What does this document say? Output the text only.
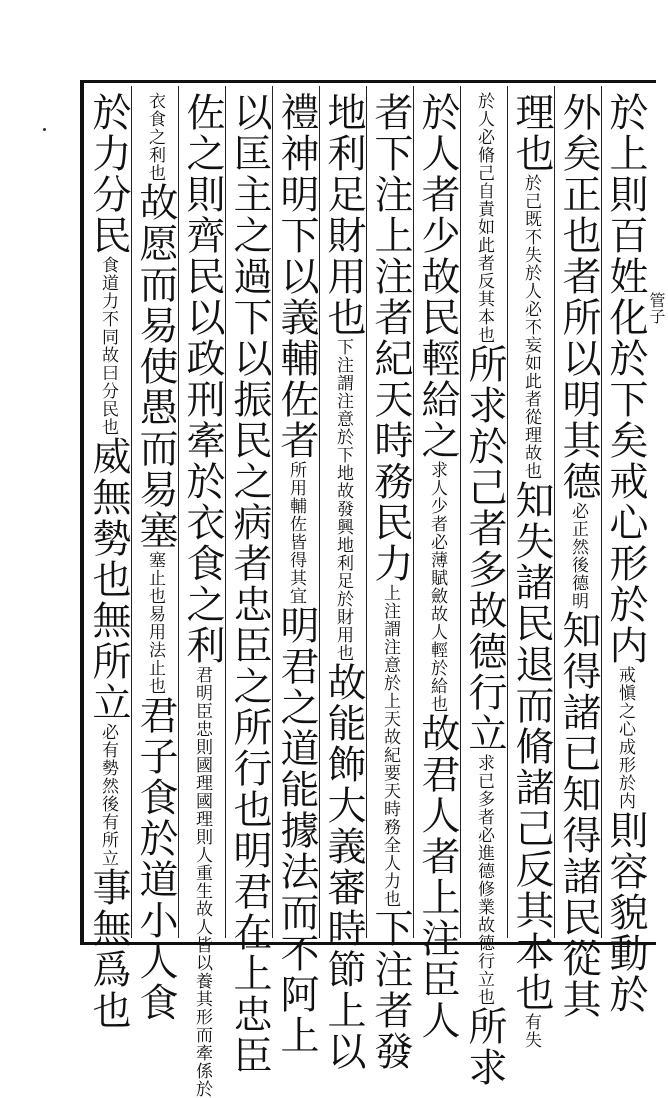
於上則百姓化於下矣戒心形於内戒愼之心成形於内則容貌動於
外矣正也者所以明其德必正然後德明知得諸已知得諸民從其
理也於己既不失於人必不妄如此者從理故也知失諸民退而脩諸己反其本也有失
於人必脩己自責如此者反其本也所求於己者多故德行立求已多者必進德修業故德行立也所求
於人者少故民輕給之求人少者必薄賦斂故人輕於給也故君人者上注臣人
者下注上注者紀天時務民力上注謂注意於上天故紀要天時務全人力也下注者發
地利足財用也下注謂注意於下地故發興地利足於財用也故能飾大義審時節上以
禮神明下以義輔佐者所用輔佐皆得其宜明君之道能據法而不阿上
以匡主之過下以振民之病者忠臣之所行也明君在上忠臣
佐之則齊民以政刑牽於衣食之利君明臣忠則國理國理則人重生故人皆以養其形而牽係於
衣食之利也故愿而易使愚而易塞塞止也易用法止也君子食於道小人食
於力分民食道力不同故曰分民也威無勢也無所立必有勢然後有所立事無爲也
管子
